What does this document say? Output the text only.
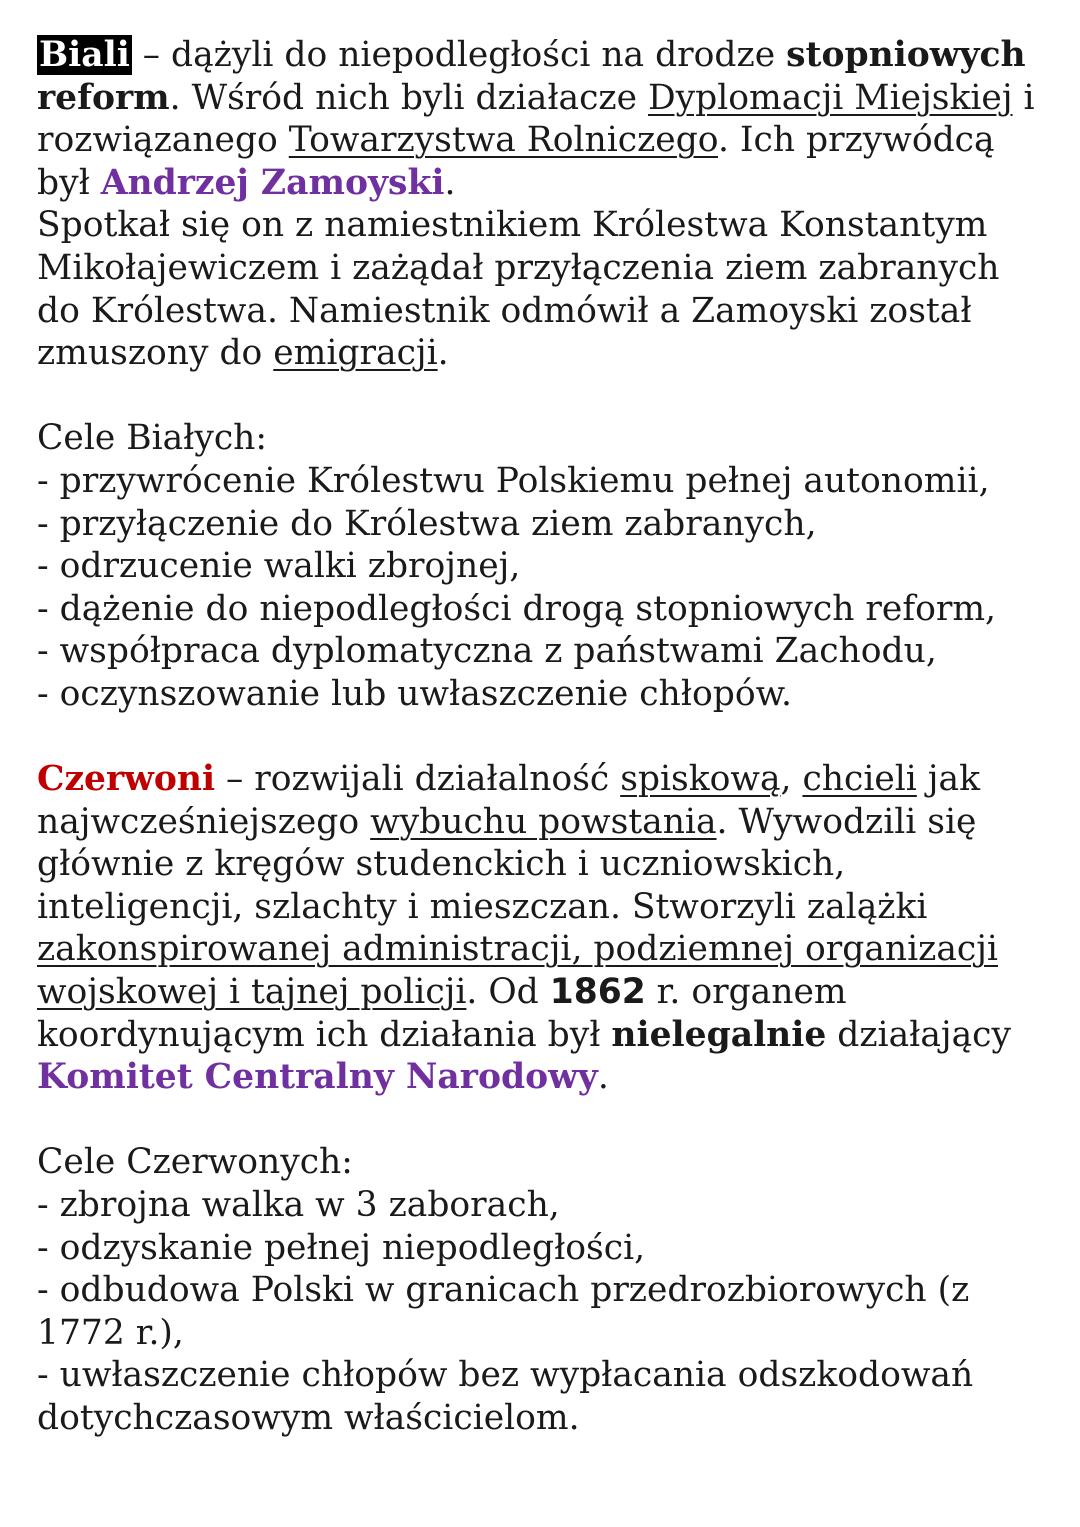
Biali – dążyli do niepodległości na drodze stopniowych

reform. Wśród nich byli działacze Dyplomacji Miejskiej i

rozwiązanego Towarzystwa Rolniczego. Ich przywódcą

był Andrzej Zamoyski.

Spotkał się on z namiestnikiem Królestwa Konstantym

Mikołajewiczem i zażądał przyłączenia ziem zabranych

do Królestwa. Namiestnik odmówił a Zamoyski został

zmuszony do emigracji.

Cele Białych:

- przywrócenie Królestwu Polskiemu pełnej autonomii,

- przyłączenie do Królestwa ziem zabranych,

- odrzucenie walki zbrojnej,

- dążenie do niepodległości drogą stopniowych reform,

- współpraca dyplomatyczna z państwami Zachodu,

- oczynszowanie lub uwłaszczenie chłopów.

Czerwoni – rozwijali działalność spiskową, chcieli jak

najwcześniejszego wybuchu powstania. Wywodzili się

głównie z kręgów studenckich i uczniowskich,

inteligencji, szlachty i mieszczan. Stworzyli zalążki

zakonspirowanej administracji, podziemnej organizacji

wojskowej i tajnej policji. Od 1862 r. organem

koordynującym ich działania był nielegalnie działający

Komitet Centralny Narodowy.

Cele Czerwonych:

- zbrojna walka w 3 zaborach,

- odzyskanie pełnej niepodległości,

- odbudowa Polski w granicach przedrozbiorowych (z

1772 r.),

- uwłaszczenie chłopów bez wypłacania odszkodowań

dotychczasowym właścicielom.
